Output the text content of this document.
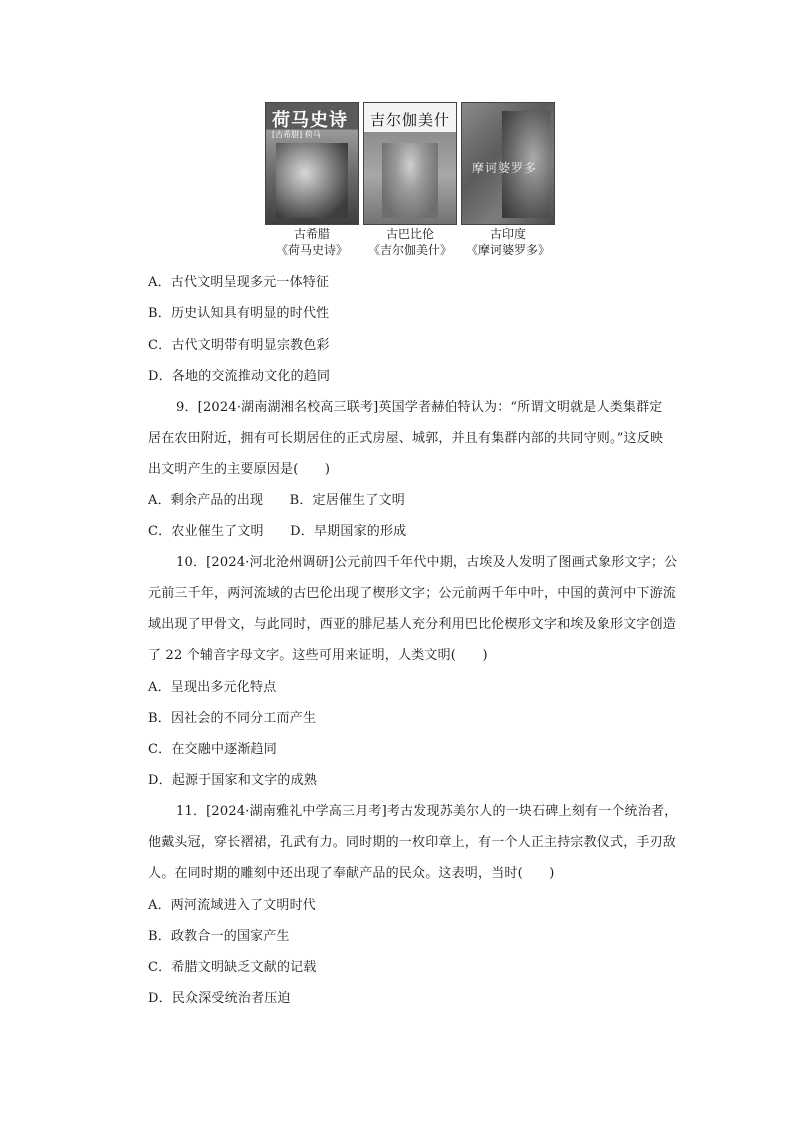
荷马史诗
[古希腊] 荷马
吉尔伽美什
摩诃婆罗多
古希腊
《荷马史诗》
古巴比伦
《吉尔伽美什》
古印度
《摩诃婆罗多》

A．古代文明呈现多元一体特征

B．历史认知具有明显的时代性

C．古代文明带有明显宗教色彩

D．各地的交流推动文化的趋同

9．[2024·湖南湖湘名校高三联考]英国学者赫伯特认为：“所谓文明就是人类集群定

居在农田附近，拥有可长期居住的正式房屋、城郭，并且有集群内部的共同守则。”这反映

出文明产生的主要原因是(　　)

A．剩余产品的出现　　B．定居催生了文明

C．农业催生了文明　　D．早期国家的形成

10．[2024·河北沧州调研]公元前四千年代中期，古埃及人发明了图画式象形文字；公

元前三千年，两河流域的古巴伦出现了楔形文字；公元前两千年中叶，中国的黄河中下游流

域出现了甲骨文，与此同时，西亚的腓尼基人充分利用巴比伦楔形文字和埃及象形文字创造

了 22 个辅音字母文字。这些可用来证明，人类文明(　　)

A．呈现出多元化特点

B．因社会的不同分工而产生

C．在交融中逐渐趋同

D．起源于国家和文字的成熟

11．[2024·湖南雅礼中学高三月考]考古发现苏美尔人的一块石碑上刻有一个统治者，

他戴头冠，穿长褶裙，孔武有力。同时期的一枚印章上，有一个人正主持宗教仪式，手刃敌

人。在同时期的雕刻中还出现了奉献产品的民众。这表明，当时(　　)

A．两河流域进入了文明时代

B．政教合一的国家产生

C．希腊文明缺乏文献的记载

D．民众深受统治者压迫
